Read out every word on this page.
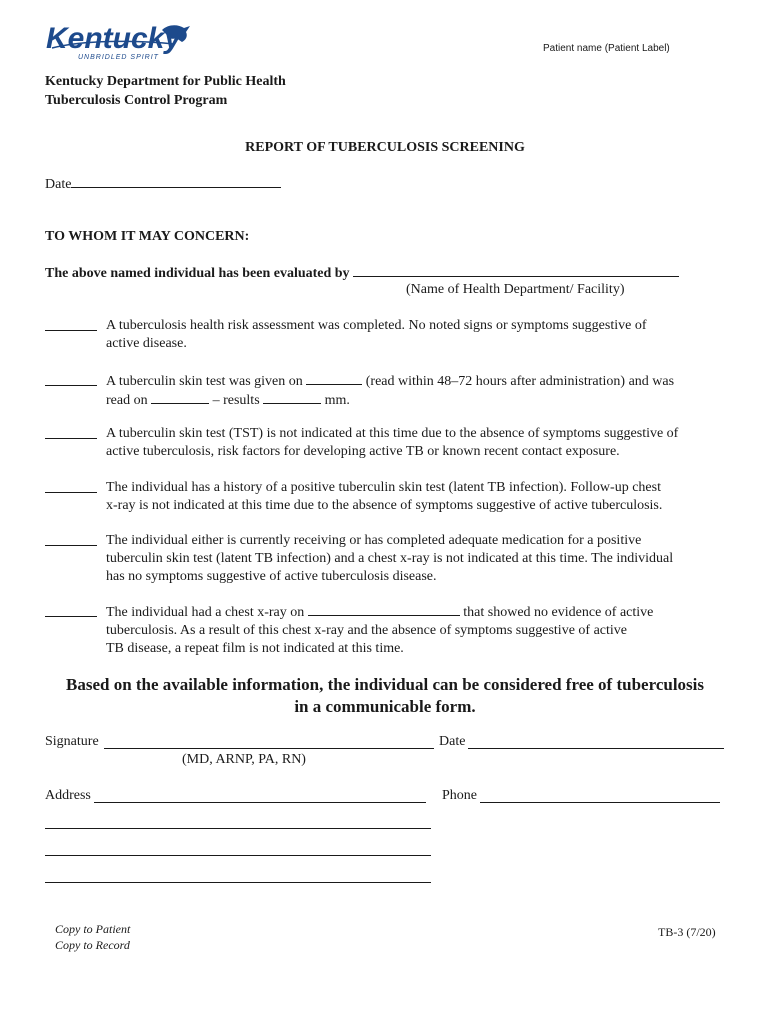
Kentucky
UNBRIDLED SPIRIT
Patient name (Patient Label)
Kentucky Department for Public Health
Tuberculosis Control Program
REPORT OF TUBERCULOSIS SCREENING
Date
TO WHOM IT MAY CONCERN:
The above named individual has been evaluated by
(Name of Health Department/ Facility)
A tuberculosis health risk assessment was completed. No noted signs or symptoms suggestive of
active disease.
A tuberculin skin test was given on	(read within 48–72 hours after administration) and was
read on	– results	mm.
A tuberculin skin test (TST) is not indicated at this time due to the absence of symptoms suggestive of
active tuberculosis, risk factors for developing active TB or known recent contact exposure.
The individual has a history of a positive tuberculin skin test (latent TB infection). Follow-up chest
x-ray is not indicated at this time due to the absence of symptoms suggestive of active tuberculosis.
The individual either is currently receiving or has completed adequate medication for a positive
tuberculin skin test (latent TB infection) and a chest x-ray is not indicated at this time. The individual
has no symptoms suggestive of active tuberculosis disease.
The individual had a chest x-ray on	that showed no evidence of active
tuberculosis. As a result of this chest x-ray and the absence of symptoms suggestive of active
TB disease, a repeat film is not indicated at this time.
Based on the available information, the individual can be considered free of tuberculosis
in a communicable form.
Signature
(MD, ARNP, PA, RN)
Date
Address	Phone
Copy to Patient
Copy to Record
TB-3 (7/20)
